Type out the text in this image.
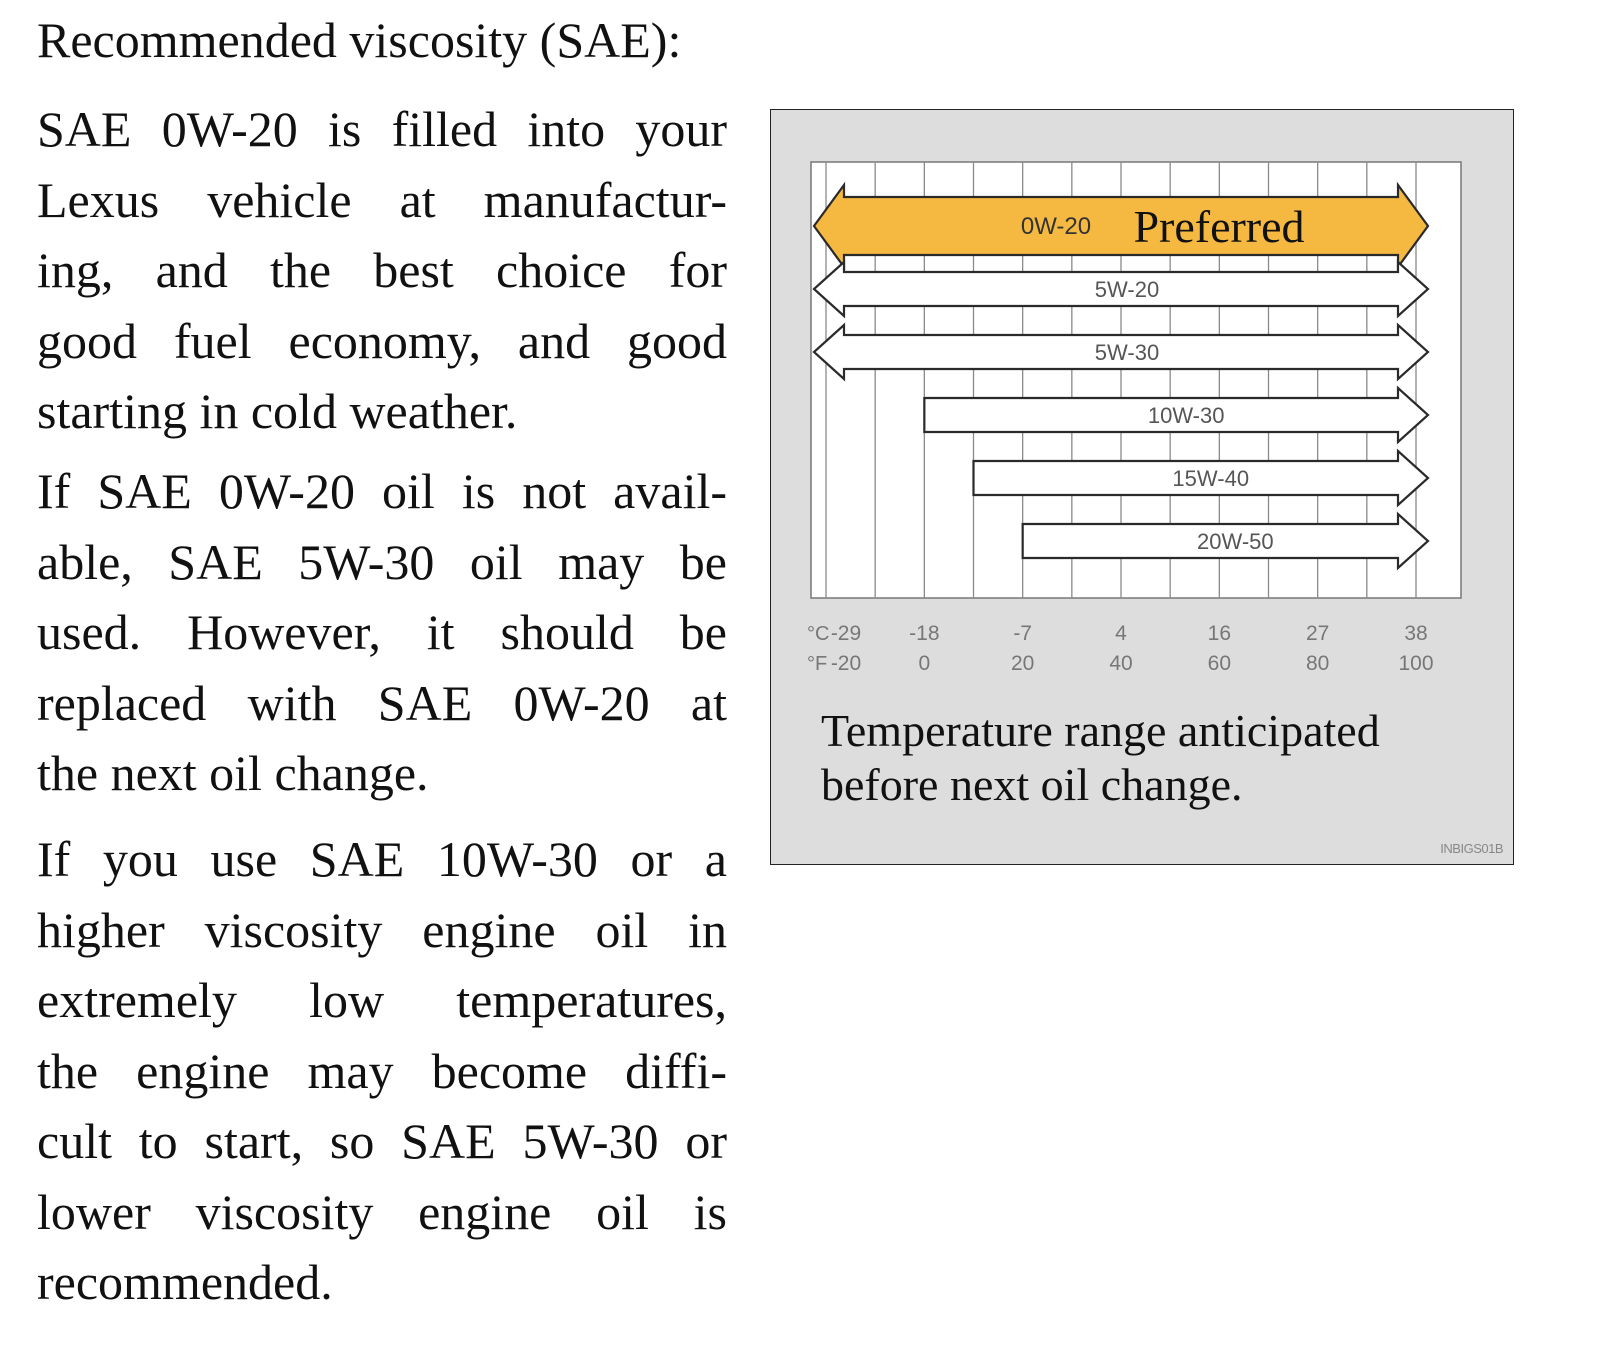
Recommended viscosity (SAE):
SAE 0W-20 is filled into your
Lexus vehicle at manufactur-
ing, and the best choice for
good fuel economy, and good
starting in cold weather.
If SAE 0W-20 oil is not avail-
able, SAE 5W-30 oil may be
used. However, it should be
replaced with SAE 0W-20 at
the next oil change.
If you use SAE 10W-30 or a
higher viscosity engine oil in
extremely low temperatures,
the engine may become diffi-
cult to start, so SAE 5W-30 or
lower viscosity engine oil is
recommended.
0W-20 Preferred
5W-20
5W-30
10W-30
15W-40
20W-50
°C
°F
-29
-20
-18
0
-7
20
4
40
16
60
27
80
38
100
Temperature range anticipated
before next oil change.
INBIGS01B
